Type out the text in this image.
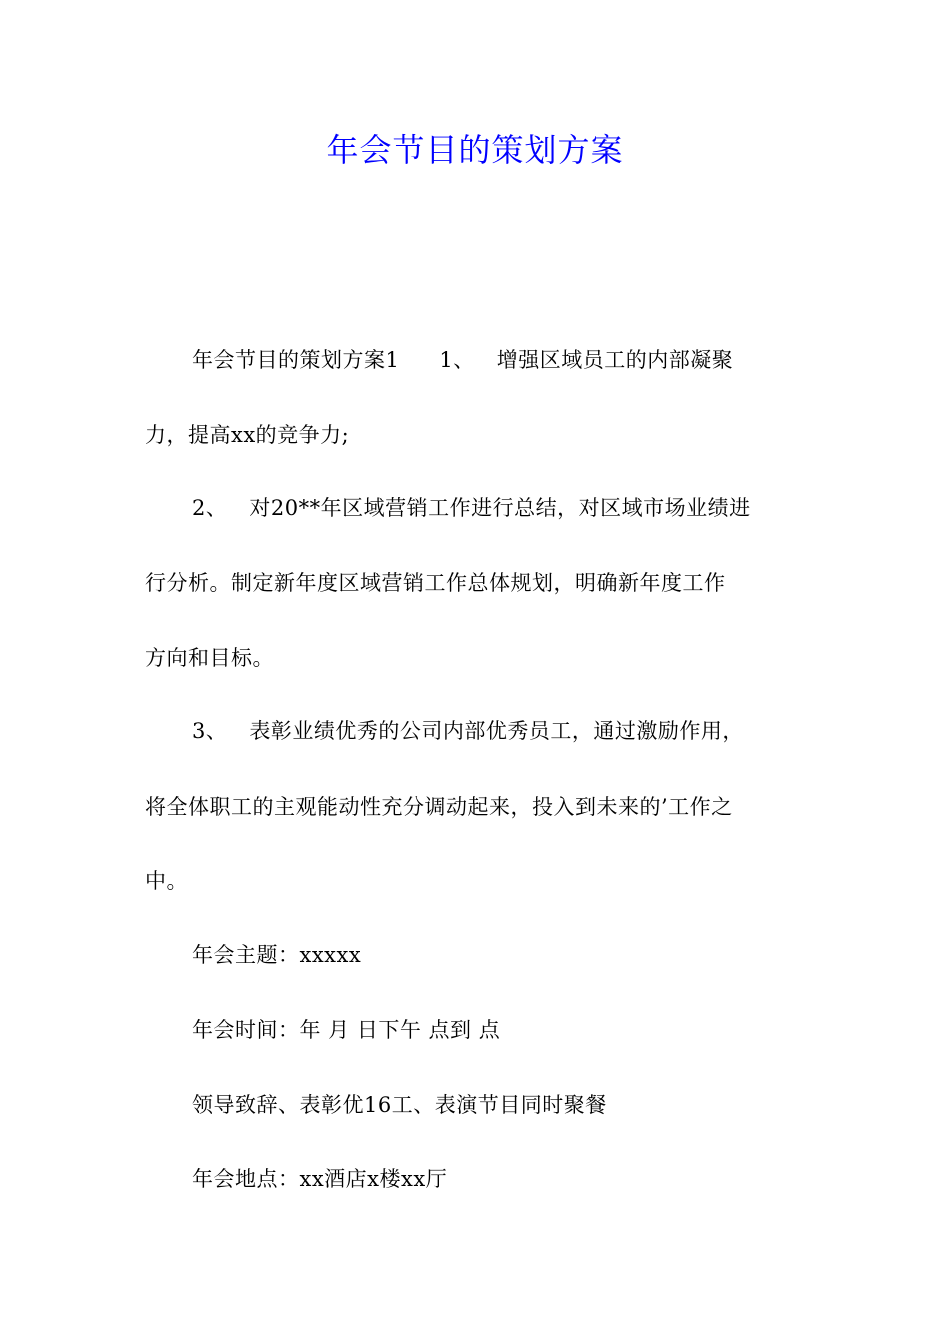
年会节目的策划方案
年会节目的策划方案1 1、 增强区域员工的内部凝聚
力，提高xx的竞争力;
2、 对20**年区域营销工作进行总结，对区域市场业绩进
行分析。制定新年度区域营销工作总体规划，明确新年度工作
方向和目标。
3、 表彰业绩优秀的公司内部优秀员工，通过激励作用，
将全体职工的主观能动性充分调动起来，投入到未来的’工作之
中。
年会主题：xxxxx
年会时间：年 月 日下午 点到 点
领导致辞、表彰优16工、表演节目同时聚餐
年会地点：xx酒店x楼xx厅
